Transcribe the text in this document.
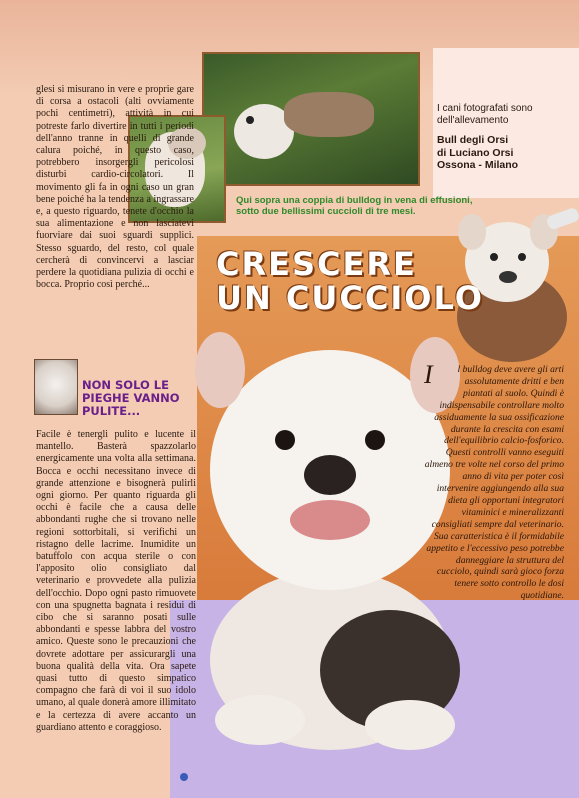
I cani fotografati sono dell'allevamento
Bull degli Orsi
di Luciano Orsi
Ossona - Milano
Qui sopra una coppia di bulldog in vena di effusioni, sotto due bellissimi cuccioli di tre mesi.

glesi si misurano in vere e proprie gare di corsa a ostacoli (alti ovviamente pochi centimetri), attività in cui potreste farlo divertire in tutti i periodi dell'anno tranne in quelli di grande calura poiché, in questo caso, potrebbero insorgergli pericolosi disturbi cardio-circolatori. Il movimento gli fa in ogni caso un gran bene poiché ha la tendenza a ingrassare e, a questo riguardo, tenete d'occhio la sua alimentazione e non lasciatevi fuorviare dai suoi sguardi supplici. Stesso sguardo, del resto, col quale cercherà di convincervi a lasciar perdere la quotidiana pulizia di occhi e bocca. Proprio così perché...

CRESCERE
UN CUCCIOLO
NON SOLO LE PIEGHE VANNO PULITE...

Facile è tenergli pulito e lucente il mantello. Basterà spazzolarlo energicamente una volta alla settimana. Bocca e occhi necessitano invece di grande attenzione e bisognerà pulirli ogni giorno. Per quanto riguarda gli occhi è facile che a causa delle abbondanti rughe che si trovano nelle regioni sottorbitali, si verifichi un ristagno delle lacrime. Inumidite un batuffolo con acqua sterile o con l'apposito olio consigliato dal veterinario e provvedete alla pulizia dell'occhio. Dopo ogni pasto rimuovete con una spugnetta bagnata i residui di cibo che si saranno posati sulle abbondanti e spesse labbra del vostro amico. Queste sono le precauzioni che dovrete adottare per assicurargli una buona qualità della vita. Ora sapete quasi tutto di questo simpatico compagno che farà di voi il suo idolo umano, al quale donerà amore illimitato e la certezza di avere accanto un guardiano attento e coraggioso.

I	l bulldog deve avere gli arti assolutamente dritti e ben piantati al suolo. Quindi è indispensabile controllare molto assiduamente la sua ossificazione durante la crescita con esami dell'equilibrio calcio-fosforico. Questi controlli vanno eseguiti almeno tre volte nel corso del primo anno di vita per poter così intervenire aggiungendo alla sua dieta gli opportuni integratori vitaminici e mineralizzanti consigliati sempre dal veterinario. Sua caratteristica è il formidabile appetito e l'eccessivo peso potrebbe danneggiare la struttura del cucciolo, quindi sarà gioco forza tenere sotto controllo le dosi quotidiane.
